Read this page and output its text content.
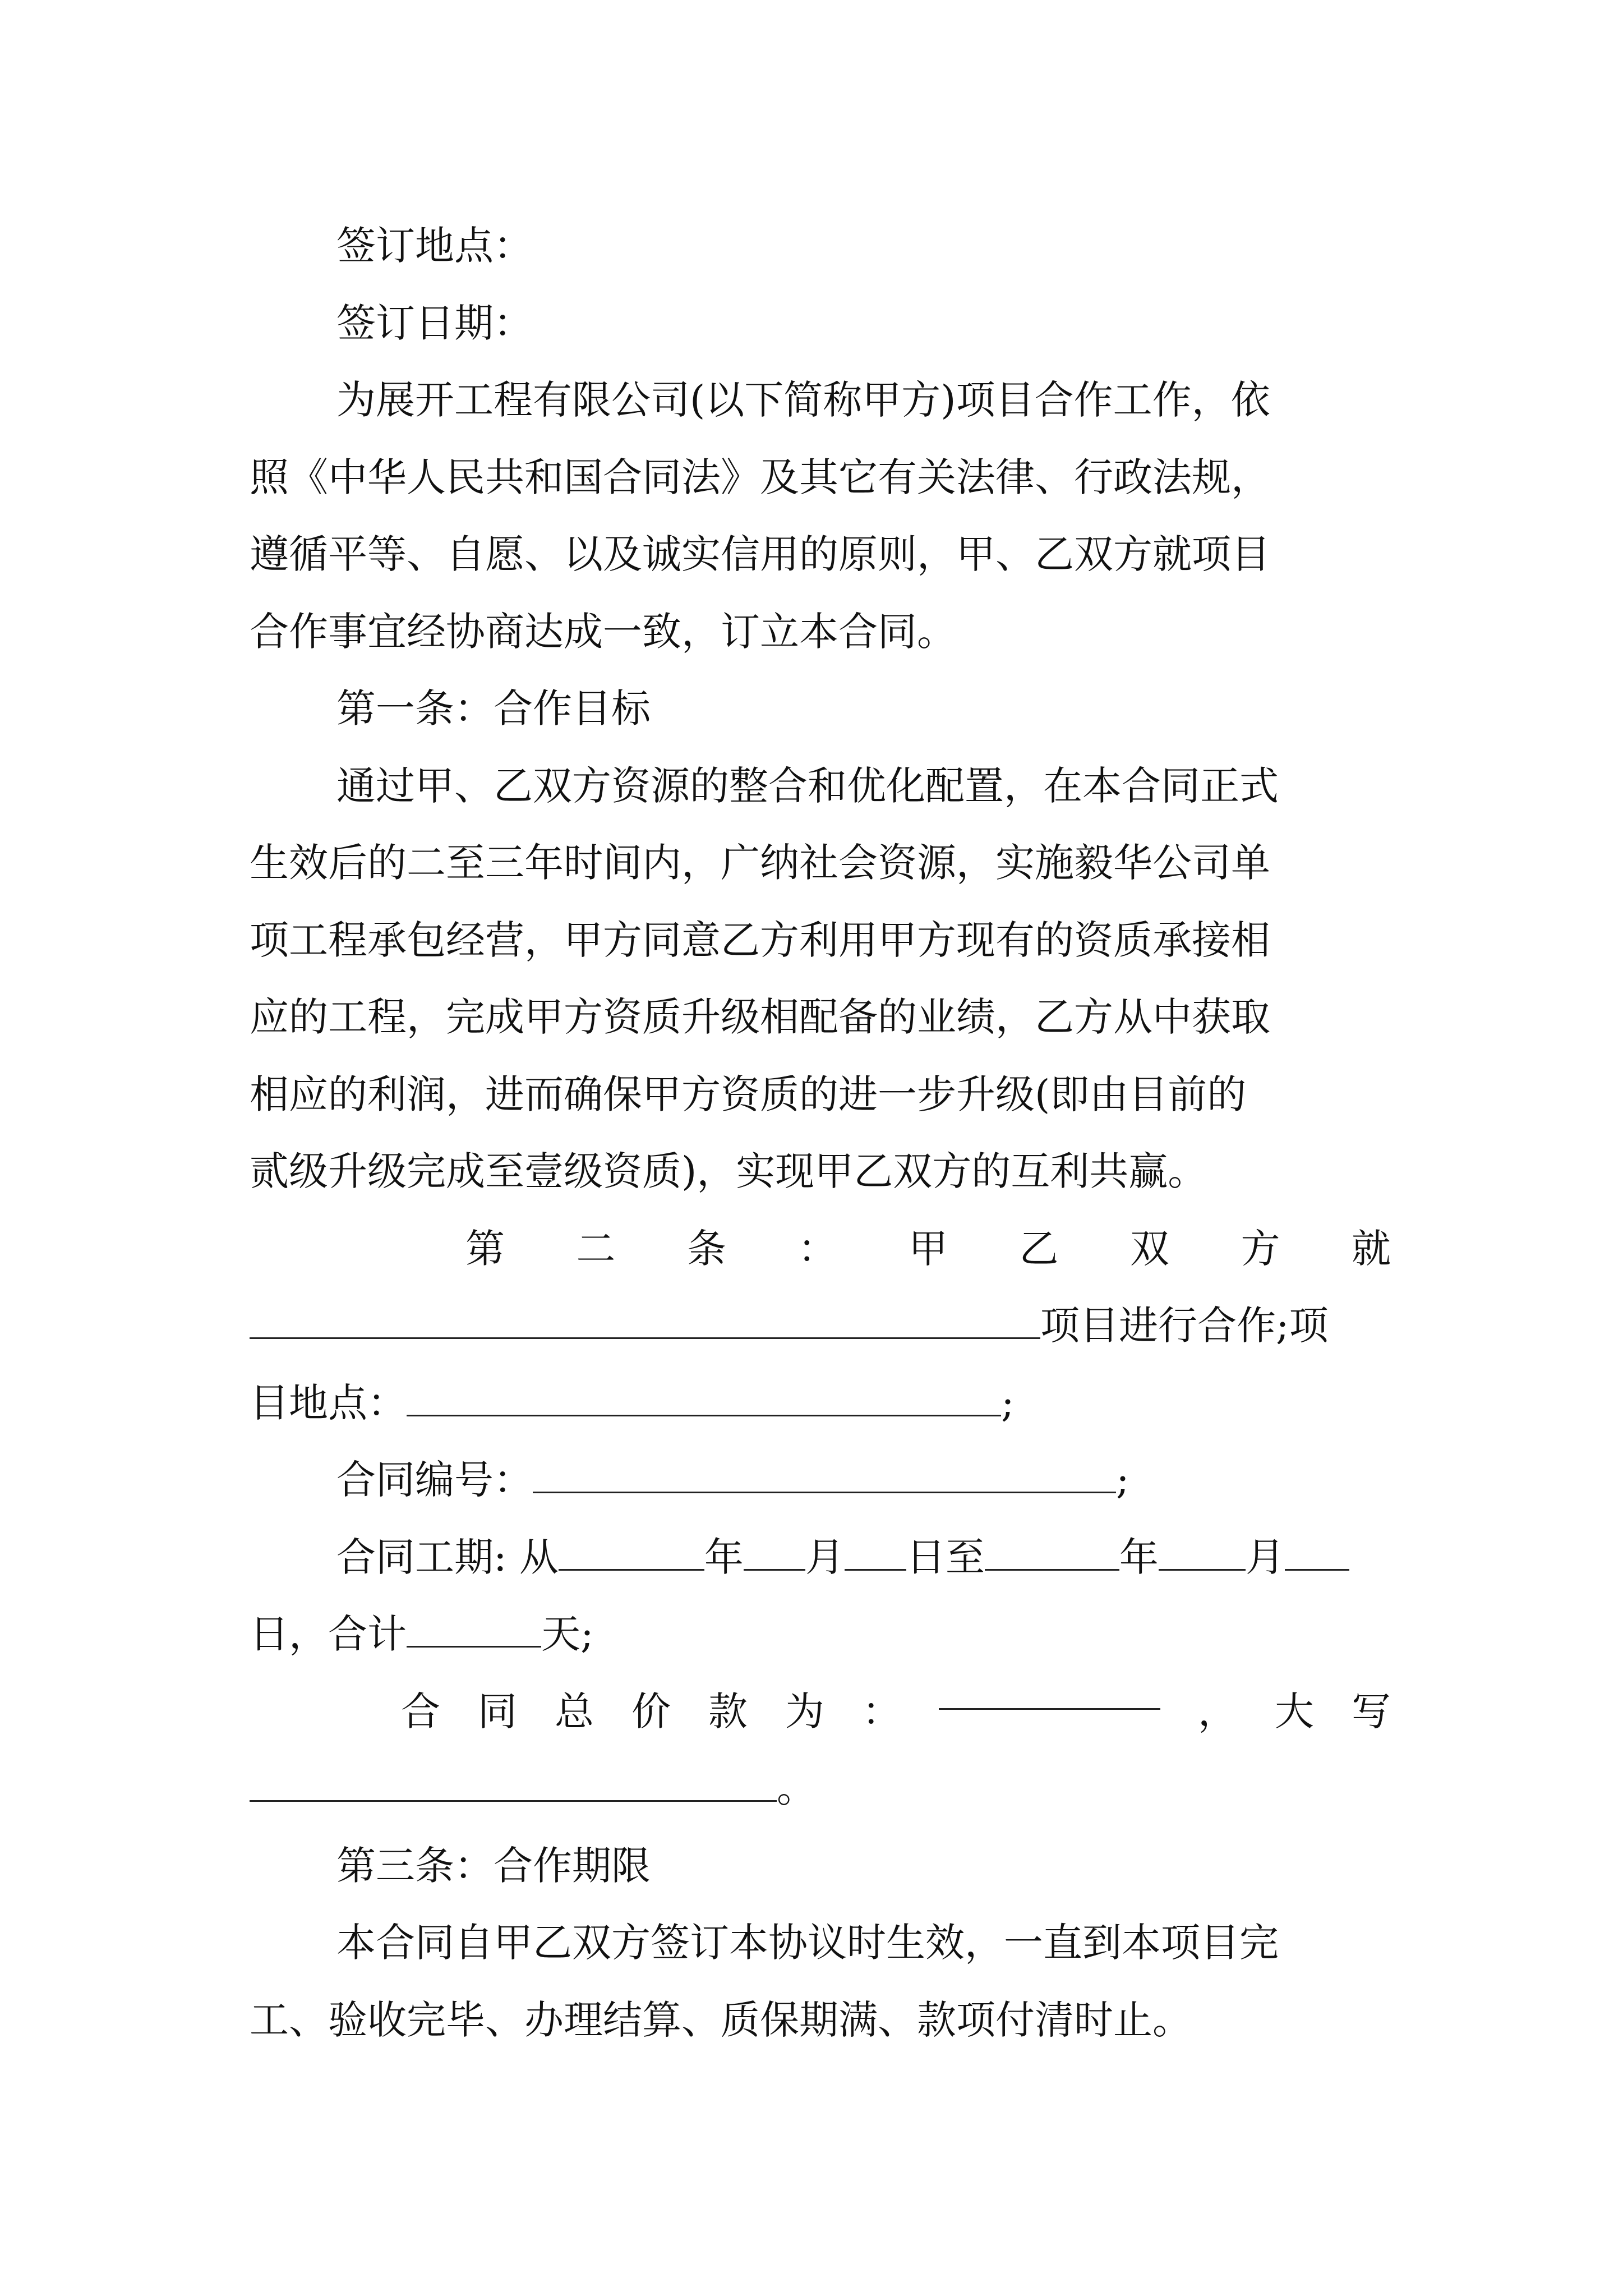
签订地点：
签订日期：
为展开工程有限公司(以下简称甲方)项目合作工作，依
照《中华人民共和国合同法》及其它有关法律、行政法规，
遵循平等、自愿、以及诚实信用的原则，甲、乙双方就项目
合作事宜经协商达成一致，订立本合同。
第一条：合作目标
通过甲、乙双方资源的整合和优化配置，在本合同正式
生效后的二至三年时间内，广纳社会资源，实施毅华公司单
项工程承包经营，甲方同意乙方利用甲方现有的资质承接相
应的工程，完成甲方资质升级相配备的业绩，乙方从中获取
相应的利润，进而确保甲方资质的进一步升级(即由目前的
贰级升级完成至壹级资质)，实现甲乙双方的互利共赢。
第 二 条 ： 甲 乙 双 方 就
项目进行合作;项
目地点：	;
合同编号：	;
合同工期: 从	年 月 日至	年 月
日，合计	天;
合 同 总 价 款 为 ：	， 大 写
。
第三条：合作期限
本合同自甲乙双方签订本协议时生效，一直到本项目完
工、验收完毕、办理结算、质保期满、款项付清时止。
